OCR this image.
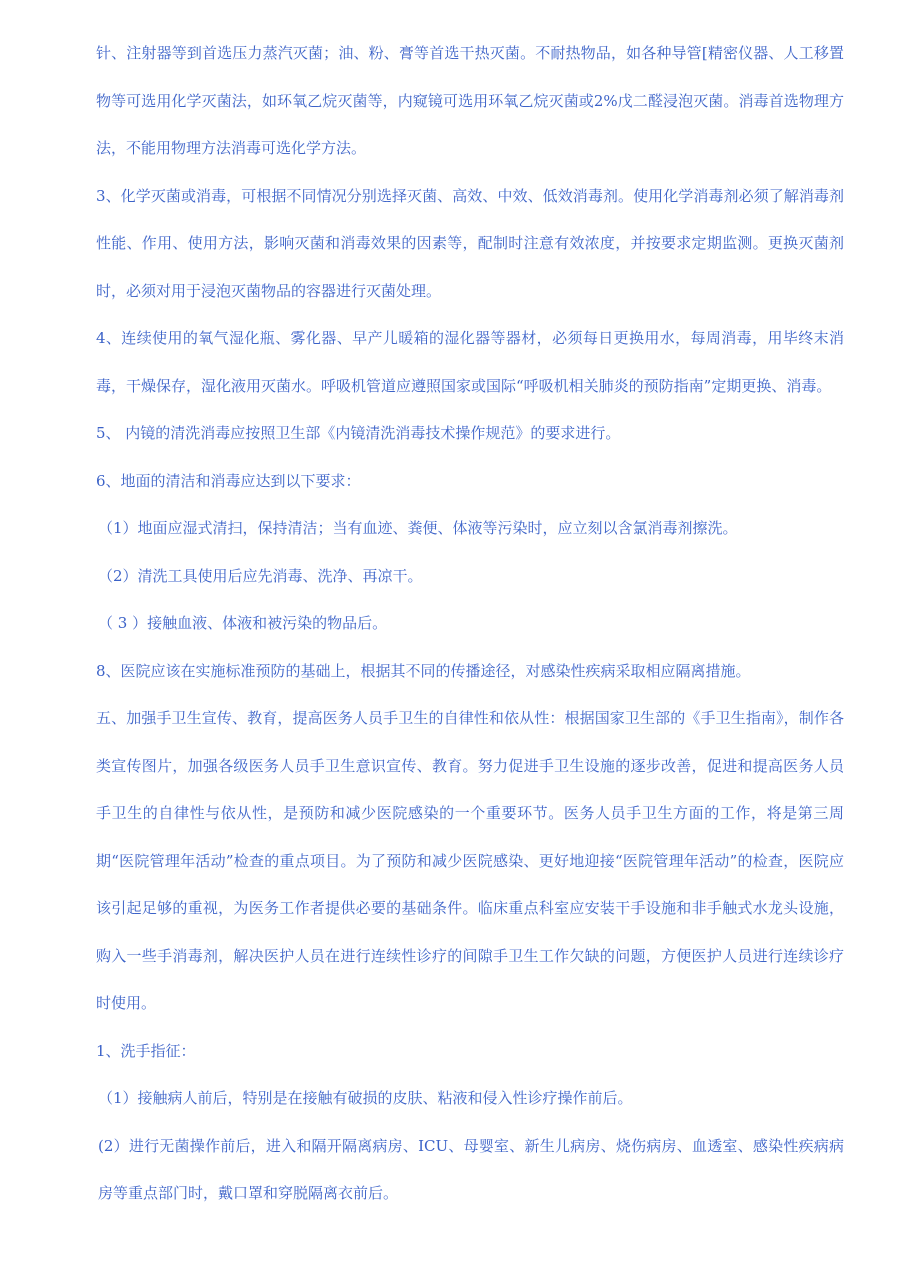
针、注射器等到首选压力蒸汽灭菌；油、粉、膏等首选干热灭菌。不耐热物品，如各种导管[精密仪器、人工移置物等可选用化学灭菌法，如环氧乙烷灭菌等，内窥镜可选用环氧乙烷灭菌或2%戊二醛浸泡灭菌。消毒首选物理方法，不能用物理方法消毒可选化学方法。

3、化学灭菌或消毒，可根据不同情况分别选择灭菌、高效、中效、低效消毒剂。使用化学消毒剂必须了解消毒剂性能、作用、使用方法，影响灭菌和消毒效果的因素等，配制时注意有效浓度，并按要求定期监测。更换灭菌剂时，必须对用于浸泡灭菌物品的容器进行灭菌处理。

4、连续使用的氧气湿化瓶、雾化器、早产儿暖箱的湿化器等器材，必须每日更换用水，每周消毒，用毕终末消毒，干燥保存，湿化液用灭菌水。呼吸机管道应遵照国家或国际“呼吸机相关肺炎的预防指南”定期更换、消毒。

5、 内镜的清洗消毒应按照卫生部《内镜清洗消毒技术操作规范》的要求进行。

6、地面的清洁和消毒应达到以下要求：

（1）地面应湿式清扫，保持清洁；当有血迹、粪便、体液等污染时，应立刻以含氯消毒剂擦洗。

（2）清洗工具使用后应先消毒、洗净、再凉干。

（ 3 ）接触血液、体液和被污染的物品后。

8、医院应该在实施标准预防的基础上，根据其不同的传播途径，对感染性疾病采取相应隔离措施。

五、加强手卫生宣传、教育，提高医务人员手卫生的自律性和依从性：根据国家卫生部的《手卫生指南》，制作各类宣传图片，加强各级医务人员手卫生意识宣传、教育。努力促进手卫生设施的逐步改善，促进和提高医务人员手卫生的自律性与依从性，是预防和减少医院感染的一个重要环节。医务人员手卫生方面的工作，将是第三周期“医院管理年活动”检查的重点项目。为了预防和减少医院感染、更好地迎接“医院管理年活动”的检查，医院应该引起足够的重视，为医务工作者提供必要的基础条件。临床重点科室应安装干手设施和非手触式水龙头设施，购入一些手消毒剂，解决医护人员在进行连续性诊疗的间隙手卫生工作欠缺的问题，方便医护人员进行连续诊疗时使用。

1、洗手指征：

（1）接触病人前后，特别是在接触有破损的皮肤、粘液和侵入性诊疗操作前后。

(2）进行无菌操作前后，进入和隔开隔离病房、ICU、母婴室、新生儿病房、烧伤病房、血透室、感染性疾病病房等重点部门时，戴口罩和穿脱隔离衣前后。
